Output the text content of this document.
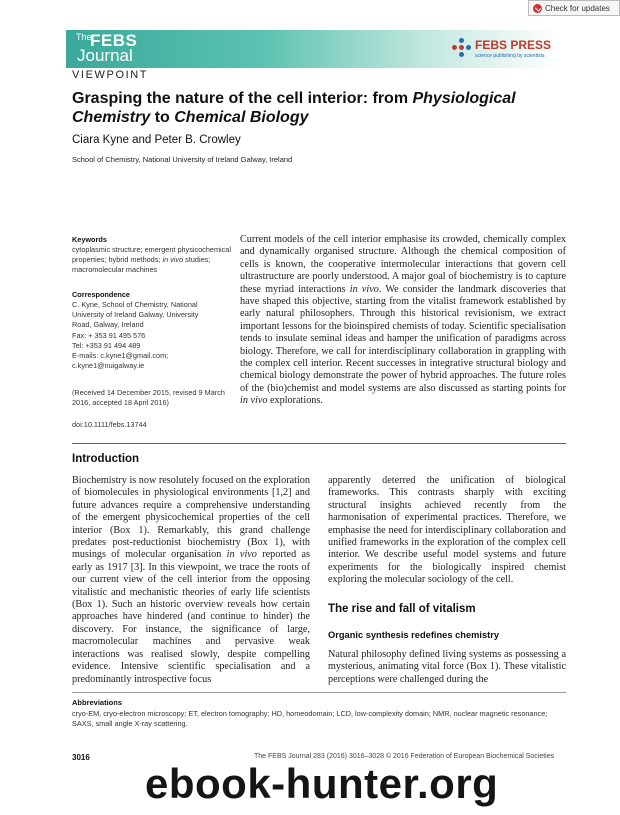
Check for updates
The
FEBS
Journal
FEBS PRESS
science publishing by scientists
VIEWPOINT
Grasping the nature of the cell interior: from Physiological Chemistry to Chemical Biology
Ciara Kyne and Peter B. Crowley
School of Chemistry, National University of Ireland Galway, Ireland
Keywords
cytoplasmic structure; emergent physicochemical properties; hybrid methods; in vivo studies; macromolecular machines
Correspondence
C. Kyne, School of Chemistry, National
University of Ireland Galway, University
Road, Galway, Ireland
Fax: + 353 91 495 576
Tel: +353 91 494 489
E-mails: c.kyne1@gmail.com;
c.kyne1@nuigalway.ie
(Received 14 December 2015, revised 9 March 2016, accepted 18 April 2016)
doi:10.1111/febs.13744

Current models of the cell interior emphasise its crowded, chemically complex and dynamically organised structure. Although the chemical composition of cells is known, the cooperative intermolecular interactions that govern cell ultrastructure are poorly understood. A major goal of biochemistry is to capture these myriad interactions in vivo. We consider the landmark discoveries that have shaped this objective, starting from the vitalist framework established by early natural philosophers. Through this historical revisionism, we extract important lessons for the bioinspired chemists of today. Scientific specialisation tends to insulate seminal ideas and hamper the unification of paradigms across biology. Therefore, we call for interdisciplinary collaboration in grappling with the complex cell interior. Recent successes in integrative structural biology and chemical biology demonstrate the power of hybrid approaches. The future roles of the (bio)chemist and model systems are also discussed as starting points for in vivo explorations.

Introduction

Biochemistry is now resolutely focused on the exploration of biomolecules in physiological environments [1,2] and future advances require a comprehensive understanding of the emergent physicochemical properties of the cell interior (Box 1). Remarkably, this grand challenge predates post-reductionist biochemistry (Box 1), with musings of molecular organisation in vivo reported as early as 1917 [3]. In this viewpoint, we trace the roots of our current view of the cell interior from the opposing vitalistic and mechanistic theories of early life scientists (Box 1). Such an historic overview reveals how certain approaches have hindered (and continue to hinder) the discovery. For instance, the significance of large, macromolecular machines and pervasive weak interactions was realised slowly, despite compelling evidence. Intensive scientific specialisation and a predominantly introspective focus

apparently deterred the unification of biological frameworks. This contrasts sharply with exciting structural insights achieved recently from the harmonisation of experimental practices. Therefore, we emphasise the need for interdisciplinary collaboration and unified frameworks in the exploration of the complex cell interior. We describe useful model systems and future experiments for the biologically inspired chemist exploring the molecular sociology of the cell.

The rise and fall of vitalism
Organic synthesis redefines chemistry

Natural philosophy defined living systems as possessing a mysterious, animating vital force (Box 1). These vitalistic perceptions were challenged during the

Abbreviations

cryo-EM, cryo-electron microscopy; ET, electron tomography; HD, homeodomain; LCD, low-complexity domain; NMR, nuclear magnetic resonance; SAXS, small angle X-ray scattering.

3016	The FEBS Journal 283 (2016) 3016–3028 © 2016 Federation of European Biochemical Societies
ebook-hunter.org
